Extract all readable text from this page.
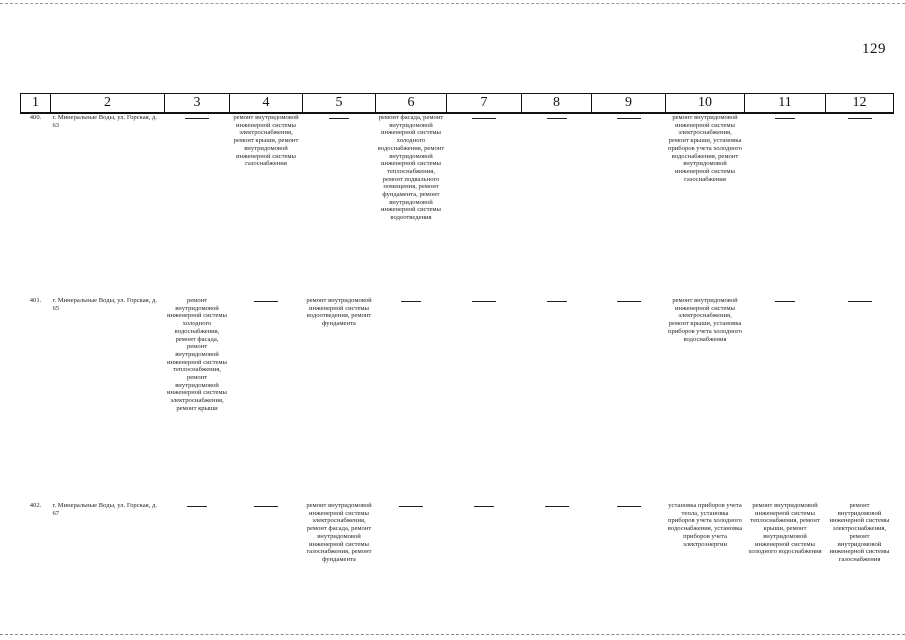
129
1	2	3	4	5	6	7	8	9	10	11	12
400.	г. Минеральные Воды, ул. Горская, д. 63		ремонт внутридомовой инженерной системы электроснабжения, ремонт крыши, ремонт внутридомовой инженерной системы газоснабжения		ремонт фасада, ремонт внутридомовой инженерной системы холодного водоснабжения, ремонт внутридомовой инженерной системы теплоснабжения, ремонт подвального помещения, ремонт фундамента, ремонт внутридомовой инженерной системы водоотведения				ремонт внутридомовой инженерной системы электроснабжения, ремонт крыши, установка приборов учета холодного водоснабжения, ремонт внутридомовой инженерной системы газоснабжения	

401.	г. Минеральные Воды, ул. Горская, д. 65	ремонт внутридомовой инженерной системы холодного водоснабжения, ремонт фасада, ремонт внутридомовой инженерной системы теплоснабжения, ремонт внутридомовой инженерной системы электроснабжения, ремонт крыши		ремонт внутридомовой инженерной системы водоотведения, ремонт фундамента					ремонт внутридомовой инженерной системы электроснабжения, ремонт крыши, установка приборов учета холодного водоснабжения	

402.	г. Минеральные Воды, ул. Горская, д. 67			ремонт внутридомовой инженерной системы электроснабжения, ремонт фасада, ремонт внутридомовой инженерной системы газоснабжения, ремонт фундамента					установка приборов учета тепла, установка приборов учета холодного водоснабжения, установка приборов учета электроэнергии	ремонт внутридомовой инженерной системы теплоснабжения, ремонт крыши, ремонт внутридомовой инженерной системы холодного водоснабжения	ремонт внутридомовой инженерной системы электроснабжения, ремонт внутридомовой инженерной системы газоснабжения
